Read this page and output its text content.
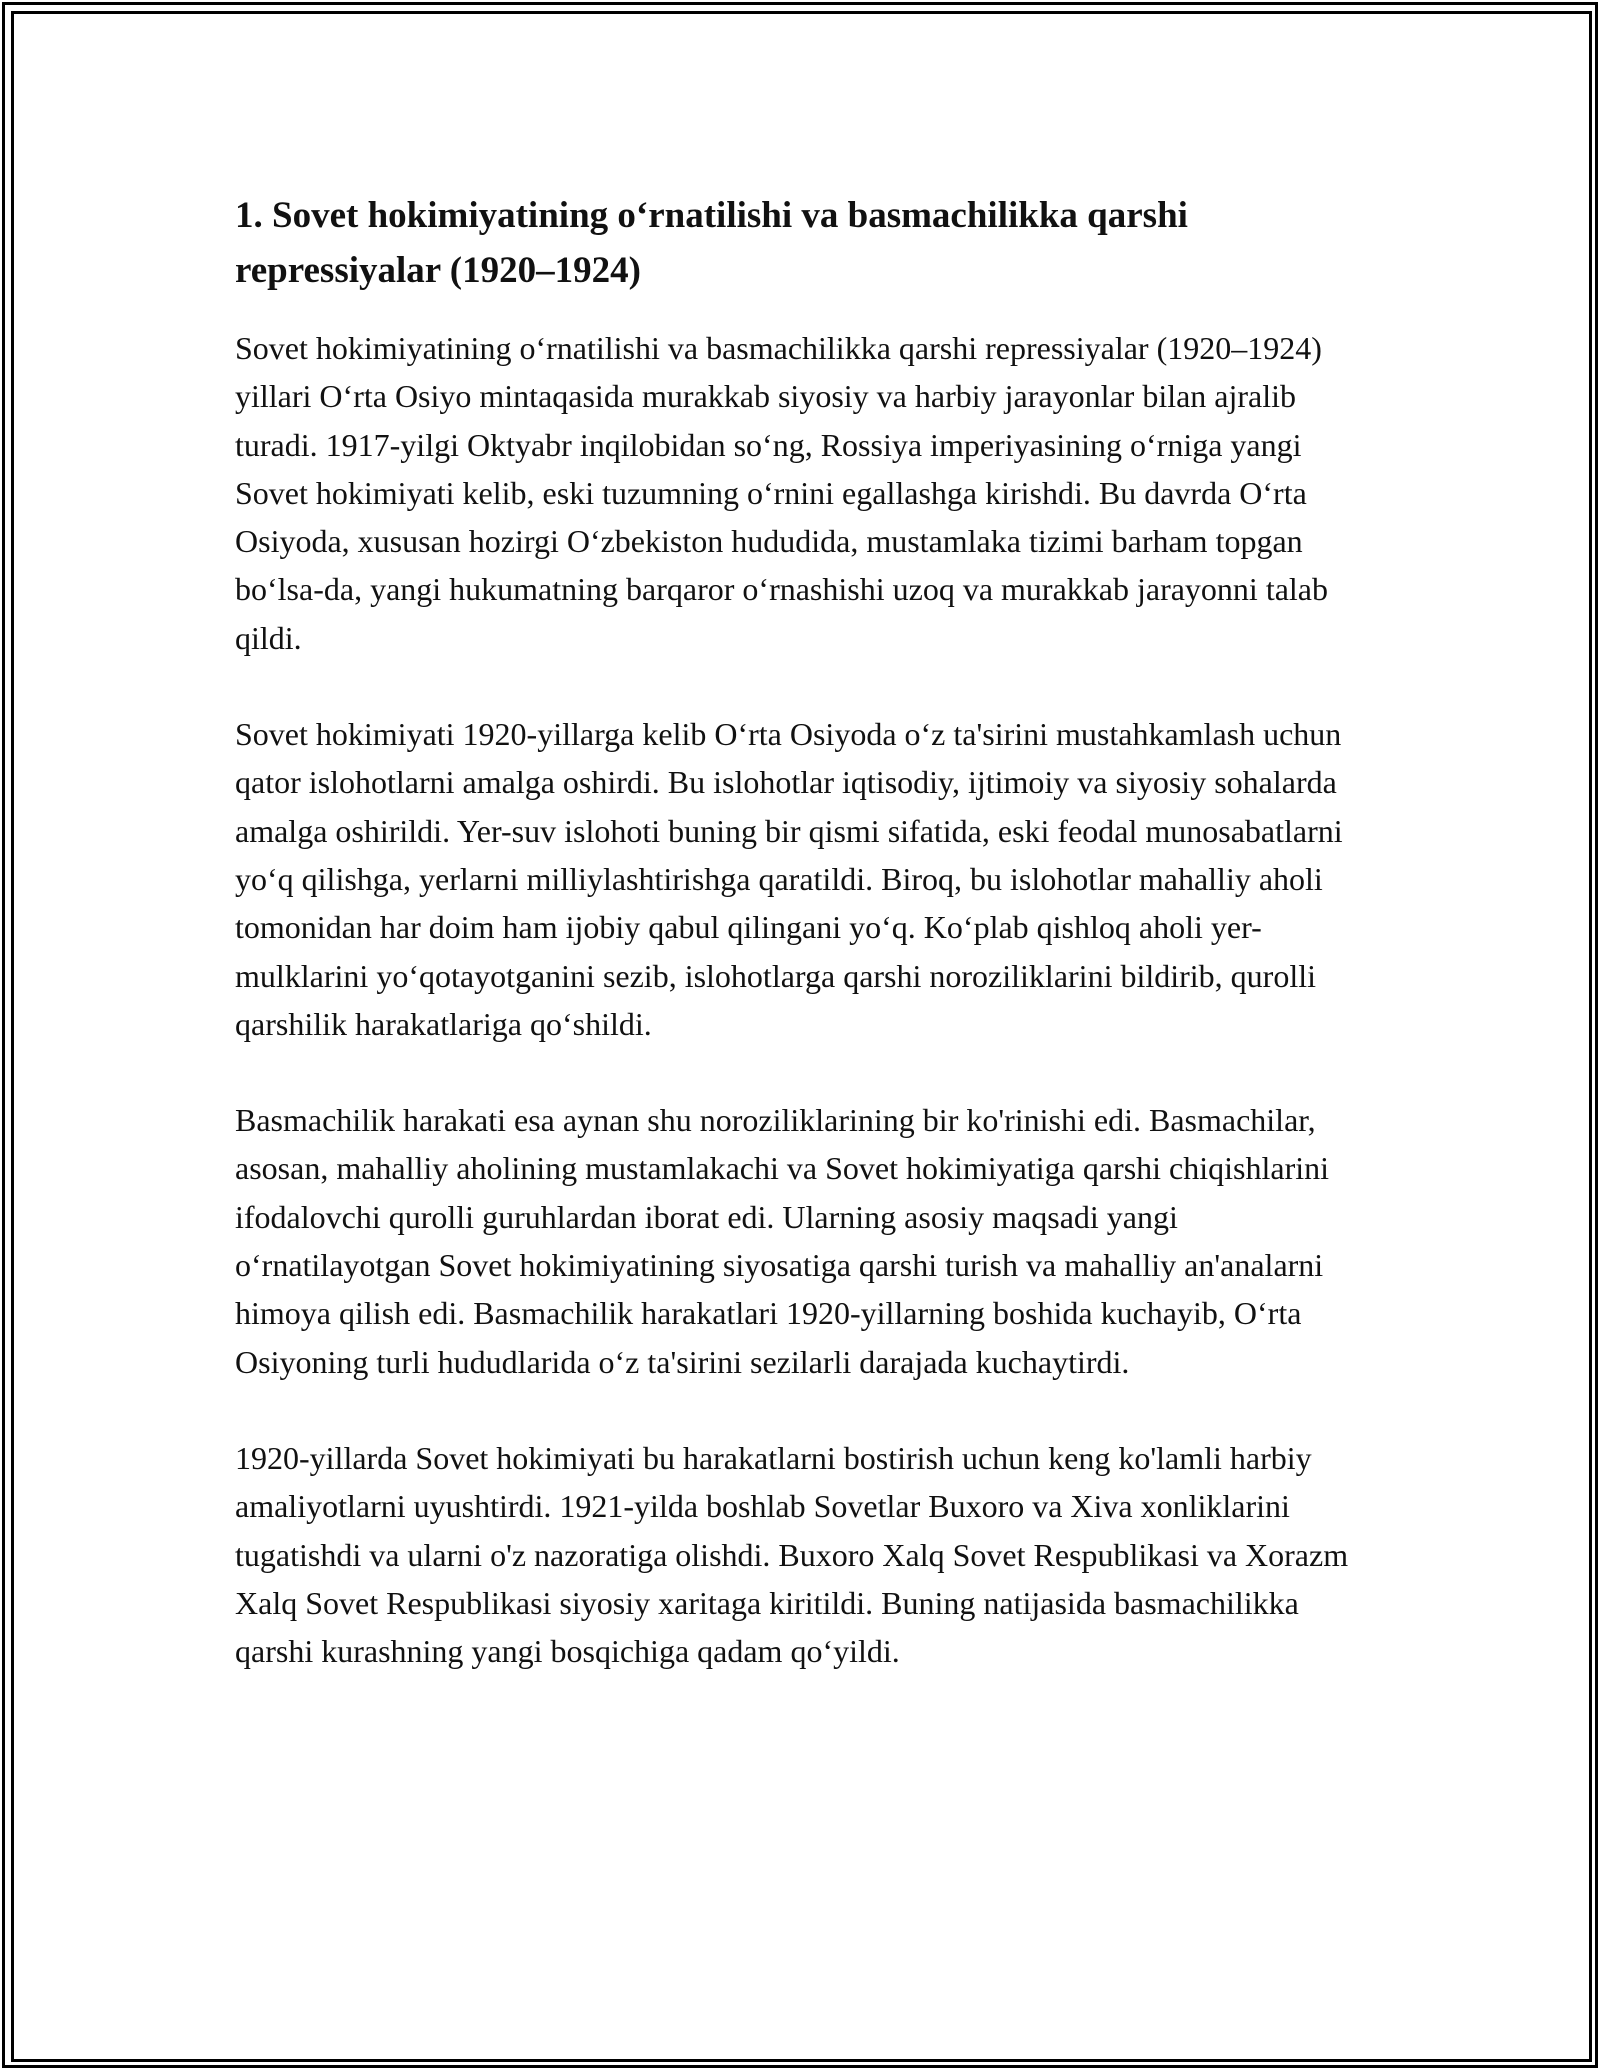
1. Sovet hokimiyatining o‘rnatilishi va basmachilikka qarshi repressiyalar (1920–1924)

Sovet hokimiyatining o‘rnatilishi va basmachilikka qarshi repressiyalar (1920–1924) yillari O‘rta Osiyo mintaqasida murakkab siyosiy va harbiy jarayonlar bilan ajralib turadi. 1917-yilgi Oktyabr inqilobidan so‘ng, Rossiya imperiyasining o‘rniga yangi Sovet hokimiyati kelib, eski tuzumning o‘rnini egallashga kirishdi. Bu davrda O‘rta Osiyoda, xususan hozirgi O‘zbekiston hududida, mustamlaka tizimi barham topgan bo‘lsa-da, yangi hukumatning barqaror o‘rnashishi uzoq va murakkab jarayonni talab qildi.

Sovet hokimiyati 1920-yillarga kelib O‘rta Osiyoda o‘z ta'sirini mustahkamlash uchun qator islohotlarni amalga oshirdi. Bu islohotlar iqtisodiy, ijtimoiy va siyosiy sohalarda amalga oshirildi. Yer-suv islohoti buning bir qismi sifatida, eski feodal munosabatlarni yo‘q qilishga, yerlarni milliylashtirishga qaratildi. Biroq, bu islohotlar mahalliy aholi tomonidan har doim ham ijobiy qabul qilingani yo‘q. Ko‘plab qishloq aholi yer-mulklarini yo‘qotayotganini sezib, islohotlarga qarshi noroziliklarini bildirib, qurolli qarshilik harakatlariga qo‘shildi.

Basmachilik harakati esa aynan shu noroziliklarining bir ko'rinishi edi. Basmachilar, asosan, mahalliy aholining mustamlakachi va Sovet hokimiyatiga qarshi chiqishlarini ifodalovchi qurolli guruhlardan iborat edi. Ularning asosiy maqsadi yangi o‘rnatilayotgan Sovet hokimiyatining siyosatiga qarshi turish va mahalliy an'analarni himoya qilish edi. Basmachilik harakatlari 1920-yillarning boshida kuchayib, O‘rta Osiyoning turli hududlarida o‘z ta'sirini sezilarli darajada kuchaytirdi.

1920-yillarda Sovet hokimiyati bu harakatlarni bostirish uchun keng ko'lamli harbiy amaliyotlarni uyushtirdi. 1921-yilda boshlab Sovetlar Buxoro va Xiva xonliklarini tugatishdi va ularni o'z nazoratiga olishdi. Buxoro Xalq Sovet Respublikasi va Xorazm Xalq Sovet Respublikasi siyosiy xaritaga kiritildi. Buning natijasida basmachilikka qarshi kurashning yangi bosqichiga qadam qo‘yildi.
